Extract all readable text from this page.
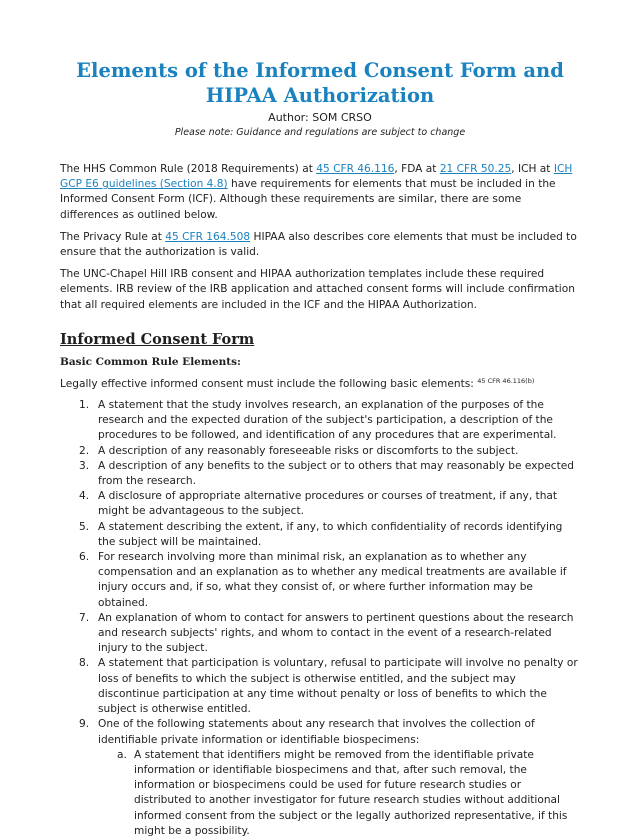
Elements of the Informed Consent Form and HIPAA Authorization
Author: SOM CRSO
Please note: Guidance and regulations are subject to change

The HHS Common Rule (2018 Requirements) at 45 CFR 46.116, FDA at 21 CFR 50.25, ICH at ICH GCP E6 guidelines (Section 4.8) have requirements for elements that must be included in the Informed Consent Form (ICF). Although these requirements are similar, there are some differences as outlined below.

The Privacy Rule at 45 CFR 164.508 HIPAA also describes core elements that must be included to ensure that the authorization is valid.

The UNC-Chapel Hill IRB consent and HIPAA authorization templates include these required elements. IRB review of the IRB application and attached consent forms will include confirmation that all required elements are included in the ICF and the HIPAA Authorization.

Informed Consent Form
Basic Common Rule Elements:

Legally effective informed consent must include the following basic elements: $^{45 CFR 46.116(b)}$

1. A statement that the study involves research, an explanation of the purposes of the research and the expected duration of the subject's participation, a description of the procedures to be followed, and identification of any procedures that are experimental.
2. A description of any reasonably foreseeable risks or discomforts to the subject.
3. A description of any benefits to the subject or to others that may reasonably be expected from the research.
4. A disclosure of appropriate alternative procedures or courses of treatment, if any, that might be advantageous to the subject.
5. A statement describing the extent, if any, to which confidentiality of records identifying the subject will be maintained.
6. For research involving more than minimal risk, an explanation as to whether any compensation and an explanation as to whether any medical treatments are available if injury occurs and, if so, what they consist of, or where further information may be obtained.
7. An explanation of whom to contact for answers to pertinent questions about the research and research subjects' rights, and whom to contact in the event of a research-related injury to the subject.
8. A statement that participation is voluntary, refusal to participate will involve no penalty or loss of benefits to which the subject is otherwise entitled, and the subject may discontinue participation at any time without penalty or loss of benefits to which the subject is otherwise entitled.
9. One of the following statements about any research that involves the collection of identifiable private information or identifiable biospecimens:
a. A statement that identifiers might be removed from the identifiable private information or identifiable biospecimens and that, after such removal, the information or biospecimens could be used for future research studies or distributed to another investigator for future research studies without additional informed consent from the subject or the legally authorized representative, if this might be a possibility.
